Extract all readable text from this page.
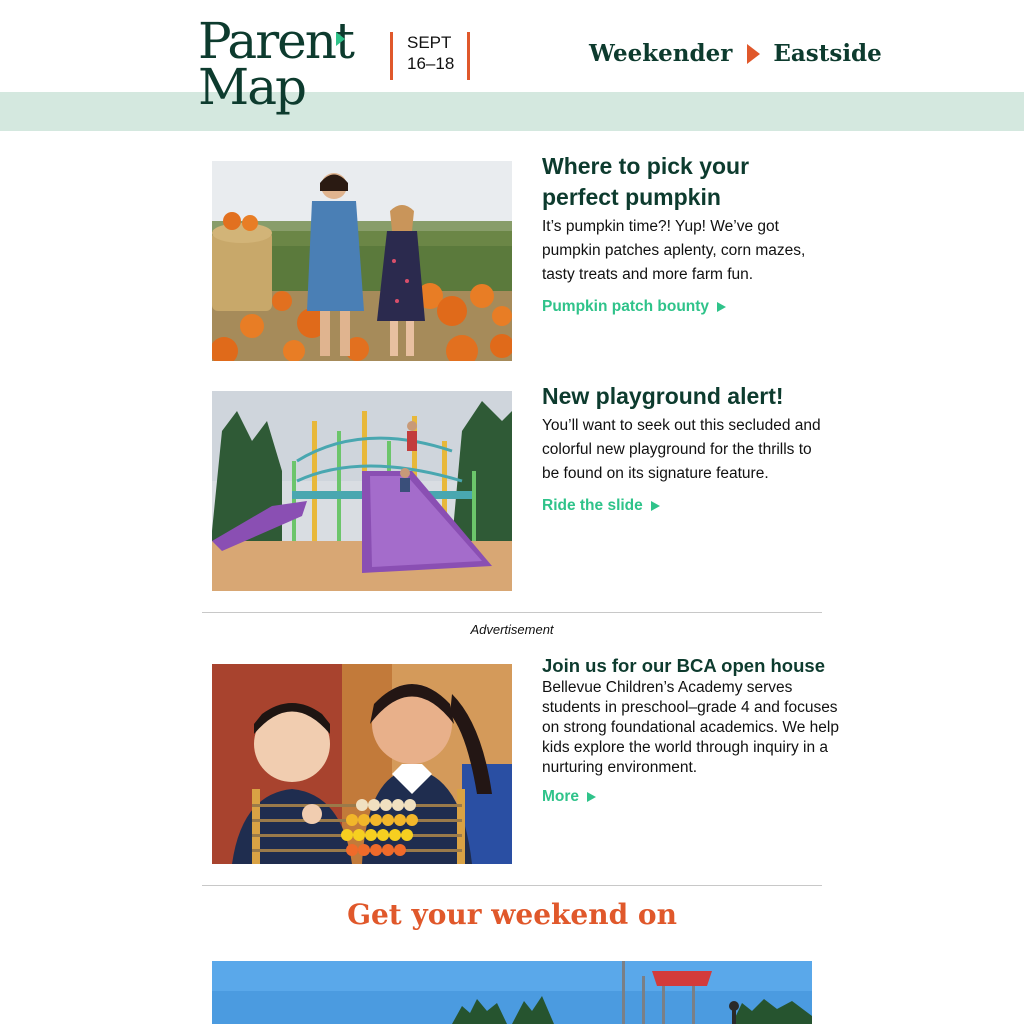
Parent
Map
SEPT
16–18	Weekender Eastside
Where to pick your perfect pumpkin
It’s pumpkin time?! Yup! We’ve got pumpkin patches aplenty, corn mazes, tasty treats and more farm fun.
Pumpkin patch bounty
New playground alert!
You’ll want to seek out this secluded and colorful new playground for the thrills to be found on its signature feature.
Ride the slide
Advertisement
Join us for our BCA open house
Bellevue Children’s Academy serves students in preschool–grade 4 and focuses on strong foundational academics. We help kids explore the world through inquiry in a nurturing environment.
More
Get your weekend on
